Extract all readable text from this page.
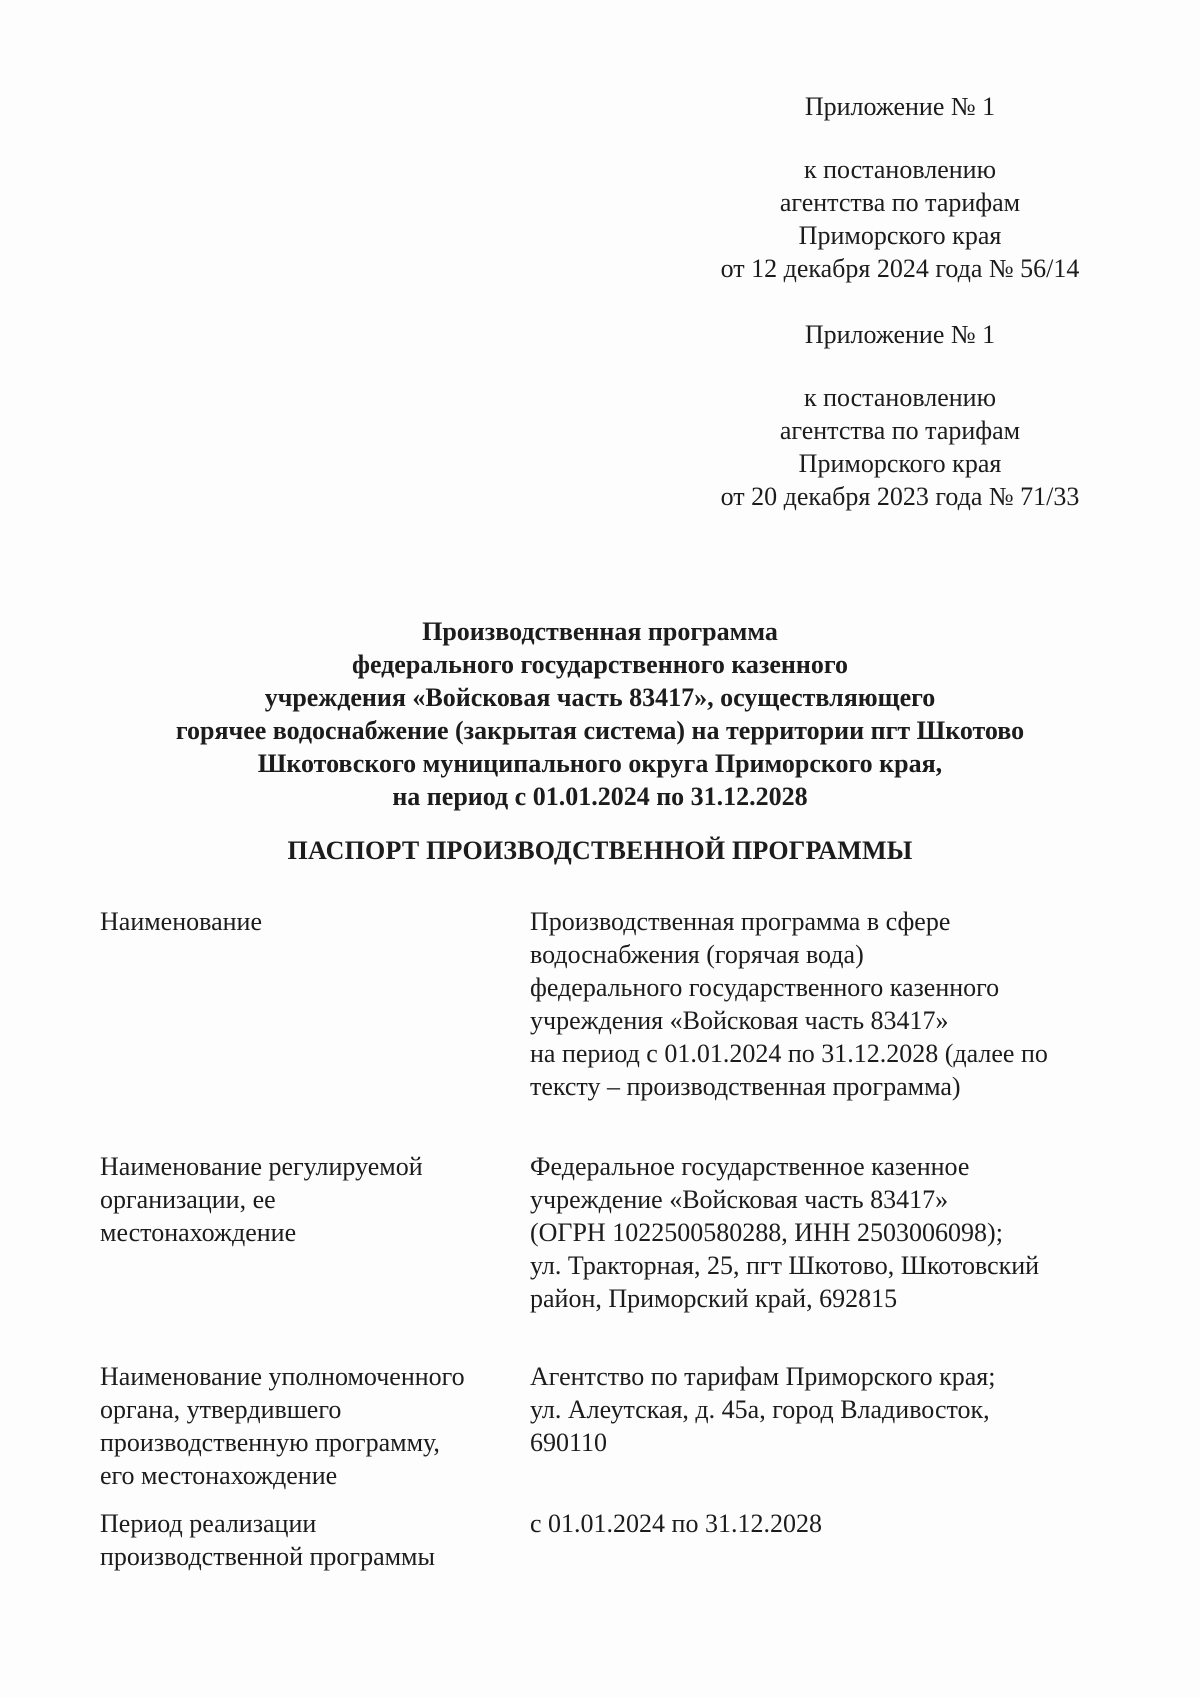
Приложение № 1
к постановлению
агентства по тарифам
Приморского края
от 12 декабря 2024 года № 56/14
Приложение № 1
к постановлению
агентства по тарифам
Приморского края
от 20 декабря 2023 года № 71/33
Производственная программа
федерального государственного казенного
учреждения «Войсковая часть 83417», осуществляющего
горячее водоснабжение (закрытая система) на территории пгт Шкотово
Шкотовского муниципального округа Приморского края,
на период с 01.01.2024 по 31.12.2028
ПАСПОРТ ПРОИЗВОДСТВЕННОЙ ПРОГРАММЫ
Наименование	Производственная программа в сфере
водоснабжения (горячая вода)
федерального государственного казенного
учреждения «Войсковая часть 83417»
на период с 01.01.2024 по 31.12.2028 (далее по
тексту – производственная программа)
Наименование регулируемой
организации, ее
местонахождение
Федеральное государственное казенное
учреждение «Войсковая часть 83417»
(ОГРН 1022500580288, ИНН 2503006098);
ул. Тракторная, 25, пгт Шкотово, Шкотовский
район, Приморский край, 692815
Наименование уполномоченного
органа, утвердившего
производственную программу,
его местонахождение
Агентство по тарифам Приморского края;
ул. Алеутская, д. 45а, город Владивосток,
690110
Период реализации
производственной программы
с 01.01.2024 по 31.12.2028
